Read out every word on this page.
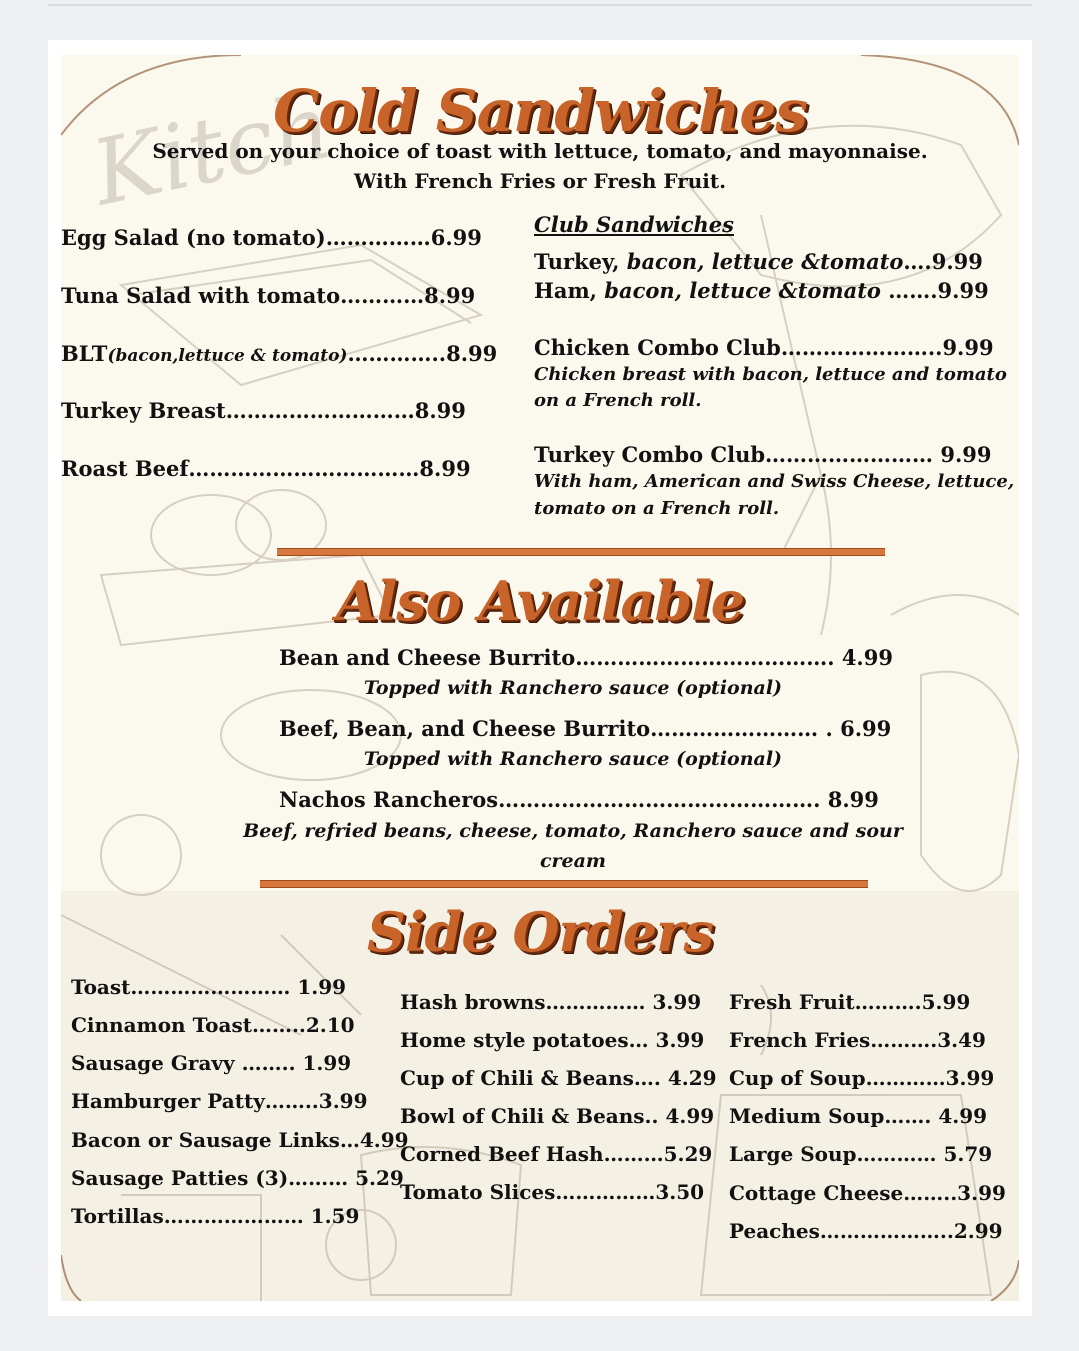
Kitch
Cold Sandwiches
Served on your choice of toast with lettuce, tomato, and mayonnaise.
With French Fries or Fresh Fruit.
Egg Salad (no tomato)……………6.99
Tuna Salad with tomato…………8.99
BLT(bacon,lettuce & tomato)…………..8.99
Turkey Breast………………………8.99
Roast Beef……………………………8.99
Club Sandwiches
Turkey, bacon, lettuce &tomato….9.99
Ham, bacon, lettuce &tomato …….9.99
Chicken Combo Club…………………..9.99
Chicken breast with bacon, lettuce and tomato
on a French roll.
Turkey Combo Club…………………… 9.99
With ham, American and Swiss Cheese, lettuce,
tomato on a French roll.
Also Available
Bean and Cheese Burrito………………………………. 4.99
Topped with Ranchero sauce (optional)
Beef, Bean, and Cheese Burrito…………………… . 6.99
Topped with Ranchero sauce (optional)
Nachos Rancheros………………………………………. 8.99
Beef, refried beans, cheese, tomato, Ranchero sauce and sour
cream
Side Orders
Toast…………………… 1.99
Cinnamon Toast……..2.10
Sausage Gravy …….. 1.99
Hamburger Patty……..3.99
Bacon or Sausage Links…4.99
Sausage Patties (3)……… 5.29
Tortillas………………… 1.59
Hash browns…………… 3.99
Home style potatoes… 3.99
Cup of Chili & Beans…. 4.29
Bowl of Chili & Beans.. 4.99
Corned Beef Hash………5.29
Tomato Slices……………3.50
Fresh Fruit……….5.99
French Fries……….3.49
Cup of Soup…………3.99
Medium Soup……. 4.99
Large Soup………… 5.79
Cottage Cheese……..3.99
Peaches………………..2.99
